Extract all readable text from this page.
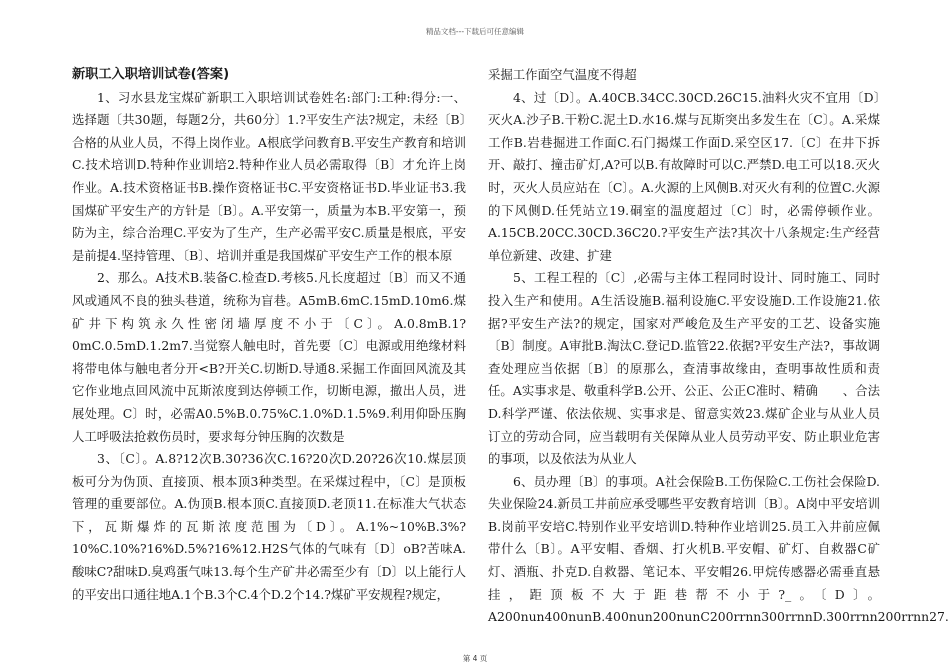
精品文档---下载后可任意编辑
新职工入职培训试卷(答案)

1、习水县龙宝煤矿新职工入职培训试卷姓名:部门:工种:得分:一、选择题〔共30题，每题2分，共60分〕1.?平安生产法?规定，未经〔B〕合格的从业人员，不得上岗作业。A根底学问教育B.平安生产教育和培训C.技术培训D.特种作业训培2.特种作业人员必需取得〔B〕才允许上岗作业。A.技术资格证书B.操作资格证书C.平安资格证书D.毕业证书3.我国煤矿平安生产的方针是〔B〕。A.平安第一，质量为本B.平安第一，预防为主，综合治理C.平安为了生产，生产必需平安C.质量是根底，平安是前提4.坚持管理、〔B〕、培训并重是我国煤矿平安生产工作的根本原

2、那么。A技术B.装备C.检查D.考核5.凡长度超过〔B〕而又不通风或通风不良的独头巷道，统称为盲巷。A5mB.6mC.15mD.10m6.煤矿井下构筑永久性密闭墙厚度不小于〔C〕。A.0.8mB.1?0mC.0.5mD.1.2m7.当觉察人触电时，首先要〔C〕电源或用绝缘材料将带电体与触电者分开<B?开关C.切断D.导通8.采掘工作面回风流及其它作业地点回风流中瓦斯浓度到达停顿工作，切断电源，撤出人员，进展处理。C〕时，必需A0.5%B.0.75%C.1.0%D.1.5%9.利用仰卧压胸人工呼吸法抢救伤员时，要求每分钟压胸的次数是

3、〔C〕。A.8?12次B.30?36次C.16?20次D.20?26次10.煤层顶板可分为伪顶、直接顶、根本顶3种类型。在采煤过程中，〔C〕是顶板管理的重要部位。A.伪顶B.根本顶C.直接顶D.老顶11.在标准大气状态下，瓦斯爆炸的瓦斯浓度范围为〔D〕。A.1%~10%B.3%?10%C.10%?16%D.5%?16%12.H2S气体的气味有〔D〕oB?苦味A.酸味C?甜味D.臭鸡蛋气味13.每个生产矿井必需至少有〔D〕以上能行人的平安出口通往地A.1个B.3个C.4个D.2个14.?煤矿平安规程?规定，

采掘工作面空气温度不得超

4、过〔D〕。A.40CB.34CC.30CD.26C15.油料火灾不宜用〔D〕灭火A.沙子B.干粉C.泥土D.水16.煤与瓦斯突出多发生在〔C〕。A.采煤工作B.岩巷掘进工作面C.石门揭煤工作面D.采空区17.〔C〕在井下拆开、敲打、撞击矿灯,A?可以B.有故障时可以C.严禁D.电工可以18.灭火时，灭火人员应站在〔C〕。A.火源的上风侧B.对灭火有利的位置C.火源的下风侧D.任凭站立19.硐室的温度超过〔C〕时，必需停顿作业。A.15CB.20CC.30CD.36C20.?平安生产法?其次十八条规定:生产经营单位新建、改建、扩建

5、工程工程的〔C〕,必需与主体工程同时设计、同时施工、同时投入生产和使用。A生活设施B.福利设施C.平安设施D.工作设施21.依据?平安生产法?的规定，国家对严峻危及生产平安的工艺、设备实施〔B〕制度。A审批B.淘汰C.登记D.监管22.依据?平安生产法?，事故调查处理应当依据〔B〕的原那么，查清事故缘由，查明事故性质和责任。A实事求是、敬重科学B.公开、公正、公正C准时、精确　　、合法D.科学严谨、依法依规、实事求是、留意实效23.煤矿企业与从业人员订立的劳动合同，应当载明有关保障从业人员劳动平安、防止职业危害的事项，以及依法为从业人

6、员办理〔B〕的事项。A社会保险B.工伤保险C.工伤社会保险D.失业保险24.新员工井前应承受哪些平安教育培训〔B〕。A岗中平安培训B.岗前平安培C.特别作业平安培训D.特种作业培训25.员工入井前应佩带什么〔B〕。A平安帽、香烟、打火机B.平安帽、矿灯、自救器C矿灯、酒瓶、扑克D.自救器、笔记本、平安帽26.甲烷传感器必需垂直悬挂，距顶板不大于距巷帮不小于?_。〔D〕。A200nun400nunB.400nun200nunC200rrnn300rrnnD.300rrnn200rrnn27.

第 4 页
